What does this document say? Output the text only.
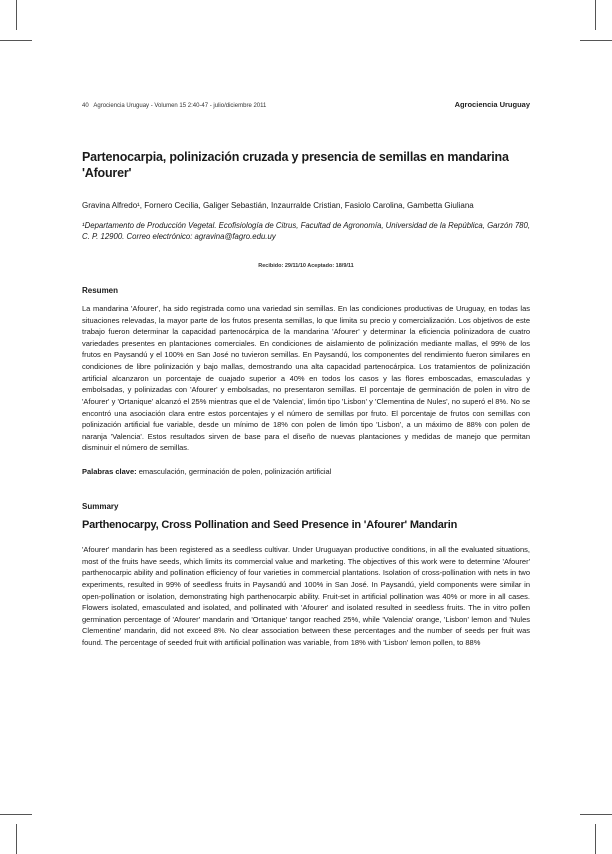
40 Agrociencia Uruguay - Volumen 15 2:40-47 - julio/diciembre 2011	Agrociencia Uruguay
Partenocarpia, polinización cruzada y presencia de semillas en mandarina 'Afourer'
Gravina Alfredo¹, Fornero Cecilia, Galiger Sebastián, Inzaurralde Cristian, Fasiolo Carolina, Gambetta Giuliana
¹Departamento de Producción Vegetal. Ecofisiología de Citrus, Facultad de Agronomía, Universidad de la República, Garzón 780, C. P. 12900. Correo electrónico: agravina@fagro.edu.uy
Recibido: 29/11/10 Aceptado: 18/9/11
Resumen

La mandarina 'Afourer', ha sido registrada como una variedad sin semillas. En las condiciones productivas de Uruguay, en todas las situaciones relevadas, la mayor parte de los frutos presenta semillas, lo que limita su precio y comercialización. Los objetivos de este trabajo fueron determinar la capacidad partenocárpica de la mandarina 'Afourer' y determinar la eficiencia polinizadora de cuatro variedades presentes en plantaciones comerciales. En condiciones de aislamiento de polinización mediante mallas, el 99% de los frutos en Paysandú y el 100% en San José no tuvieron semillas. En Paysandú, los componentes del rendimiento fueron similares en condiciones de libre polinización y bajo mallas, demostrando una alta capacidad partenocárpica. Los tratamientos de polinización artificial alcanzaron un porcentaje de cuajado superior a 40% en todos los casos y las flores emboscadas, emasculadas y embolsadas, y polinizadas con 'Afourer' y embolsadas, no presentaron semillas. El porcentaje de germinación de polen in vitro de 'Afourer' y 'Ortanique' alcanzó el 25% mientras que el de 'Valencia', limón tipo 'Lisbon' y 'Clementina de Nules', no superó el 8%. No se encontró una asociación clara entre estos porcentajes y el número de semillas por fruto. El porcentaje de frutos con semillas con polinización artificial fue variable, desde un mínimo de 18% con polen de limón tipo 'Lisbon', a un máximo de 88% con polen de naranja 'Valencia'. Estos resultados sirven de base para el diseño de nuevas plantaciones y medidas de manejo que permitan disminuir el número de semillas.

Palabras clave: emasculación, germinación de polen, polinización artificial
Summary
Parthenocarpy, Cross Pollination and Seed Presence in 'Afourer' Mandarin

'Afourer' mandarin has been registered as a seedless cultivar. Under Uruguayan productive conditions, in all the evaluated situations, most of the fruits have seeds, which limits its commercial value and marketing. The objectives of this work were to determine 'Afourer' parthenocarpic ability and pollination efficiency of four varieties in commercial plantations. Isolation of cross-pollination with nets in two experiments, resulted in 99% of seedless fruits in Paysandú and 100% in San José. In Paysandú, yield components were similar in open-pollination or isolation, demonstrating high parthenocarpic ability. Fruit-set in artificial pollination was 40% or more in all cases. Flowers isolated, emasculated and isolated, and pollinated with 'Afourer' and isolated resulted in seedless fruits. The in vitro pollen germination percentage of 'Afourer' mandarin and 'Ortanique' tangor reached 25%, while 'Valencia' orange, 'Lisbon' lemon and 'Nules Clementine' mandarin, did not exceed 8%. No clear association between these percentages and the number of seeds per fruit was found. The percentage of seeded fruit with artificial pollination was variable, from 18% with 'Lisbon' lemon pollen, to 88%
